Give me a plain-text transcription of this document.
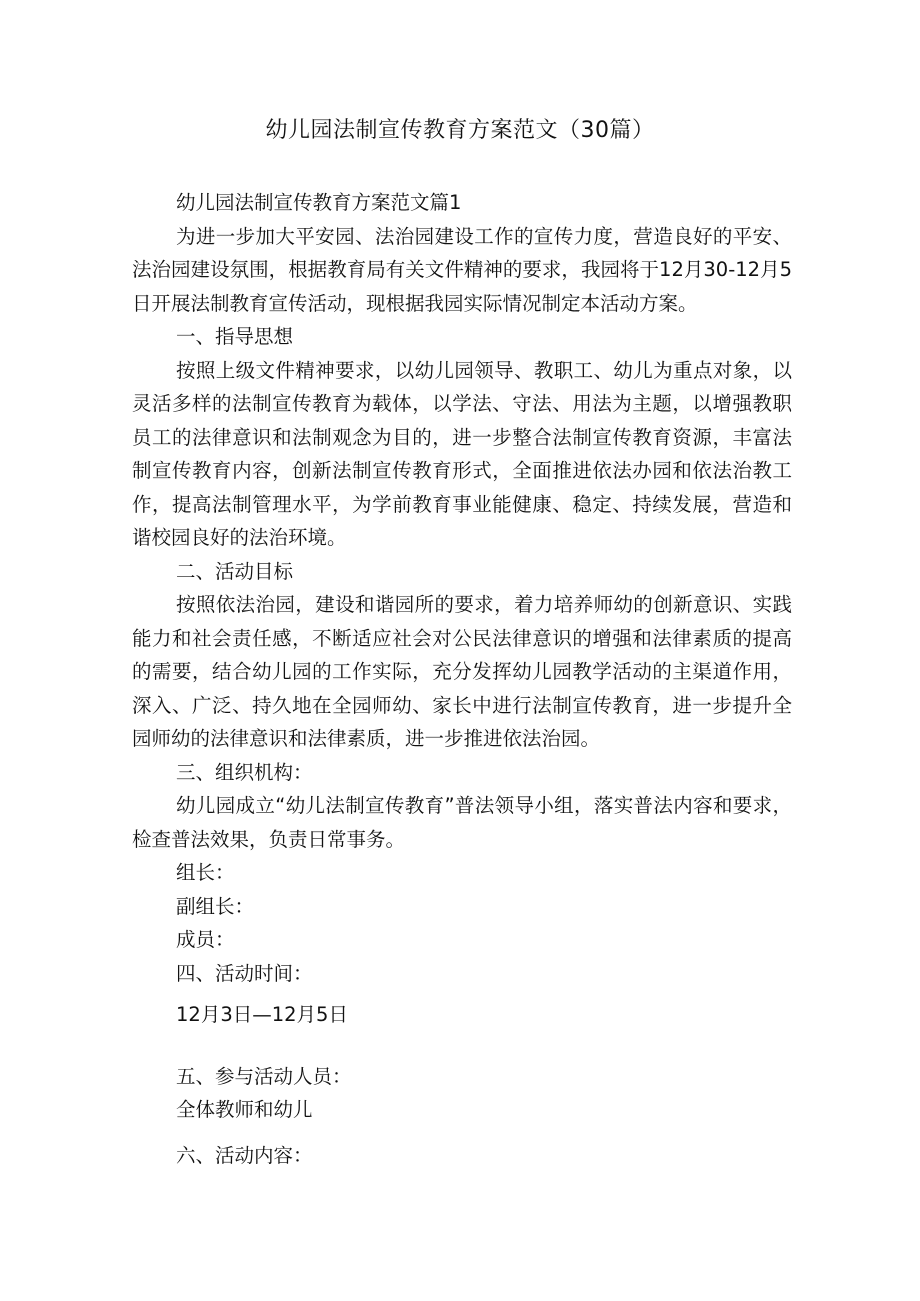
幼儿园法制宣传教育方案范文（30篇）

幼儿园法制宣传教育方案范文篇1

为进一步加大平安园、法治园建设工作的宣传力度，营造良好的平安、法治园建设氛围，根据教育局有关文件精神的要求，我园将于12月30-12月5日开展法制教育宣传活动，现根据我园实际情况制定本活动方案。

一、指导思想

按照上级文件精神要求，以幼儿园领导、教职工、幼儿为重点对象，以灵活多样的法制宣传教育为载体，以学法、守法、用法为主题，以增强教职员工的法律意识和法制观念为目的，进一步整合法制宣传教育资源，丰富法制宣传教育内容，创新法制宣传教育形式，全面推进依法办园和依法治教工作，提高法制管理水平，为学前教育事业能健康、稳定、持续发展，营造和谐校园良好的法治环境。

二、活动目标

按照依法治园，建设和谐园所的要求，着力培养师幼的创新意识、实践能力和社会责任感，不断适应社会对公民法律意识的增强和法律素质的提高的需要，结合幼儿园的工作实际，充分发挥幼儿园教学活动的主渠道作用，深入、广泛、持久地在全园师幼、家长中进行法制宣传教育，进一步提升全园师幼的法律意识和法律素质，进一步推进依法治园。

三、组织机构：

幼儿园成立“幼儿法制宣传教育”普法领导小组，落实普法内容和要求，检查普法效果，负责日常事务。

组长：

副组长：

成员：

四、活动时间：

12月3日—12月5日

五、参与活动人员：

全体教师和幼儿

六、活动内容：
